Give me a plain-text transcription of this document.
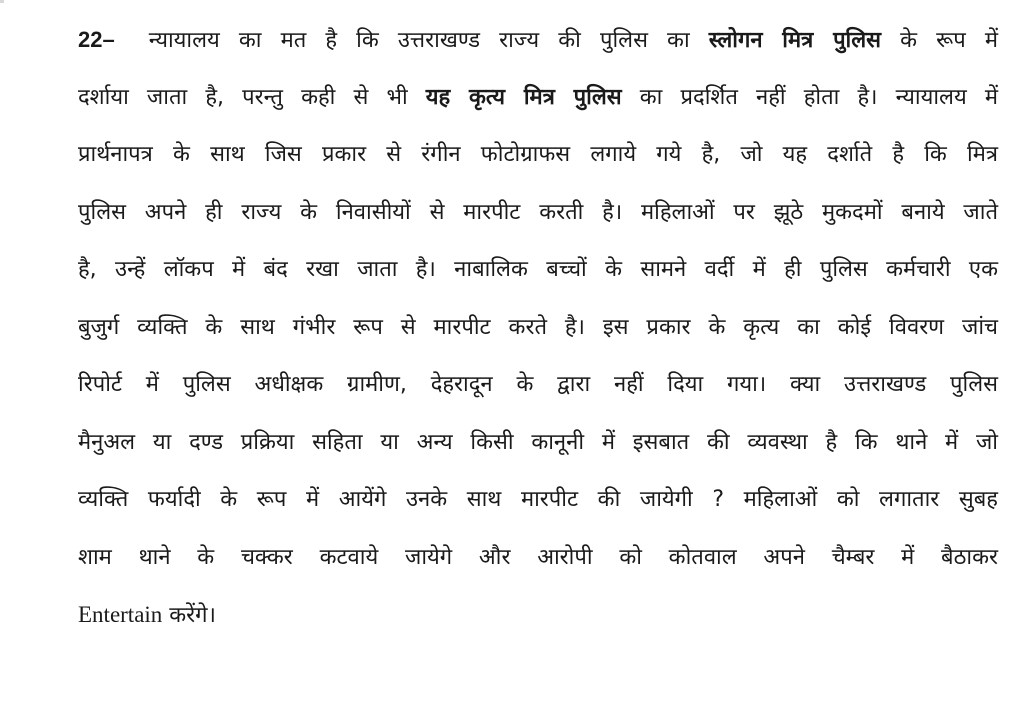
22– न्यायालय का मत है कि उत्तराखण्ड राज्य की पुलिस का स्लोगन मित्र पुलिस के रूप में
दर्शाया जाता है, परन्तु कही से भी यह कृत्य मित्र पुलिस का प्रदर्शित नहीं होता है। न्यायालय में
प्रार्थनापत्र के साथ जिस प्रकार से रंगीन फोटोग्राफस लगाये गये है, जो यह दर्शाते है कि मित्र
पुलिस अपने ही राज्य के निवासीयों से मारपीट करती है। महिलाओं पर झूठे मुकदमों बनाये जाते
है, उन्हें लॉकप में बंद रखा जाता है। नाबालिक बच्चों के सामने वर्दी में ही पुलिस कर्मचारी एक
बुजुर्ग व्यक्ति के साथ गंभीर रूप से मारपीट करते है। इस प्रकार के कृत्य का कोई विवरण जांच
रिपोर्ट में पुलिस अधीक्षक ग्रामीण, देहरादून के द्वारा नहीं दिया गया। क्या उत्तराखण्ड पुलिस
मैनुअल या दण्ड प्रक्रिया सहिता या अन्य किसी कानूनी में इसबात की व्यवस्था है कि थाने में जो
व्यक्ति फर्यादी के रूप में आयेंगे उनके साथ मारपीट की जायेगी ? महिलाओं को लगातार सुबह
शाम थाने के चक्कर कटवाये जायेगे और आरोपी को कोतवाल अपने चैम्बर में बैठाकर
Entertain करेंगे।
